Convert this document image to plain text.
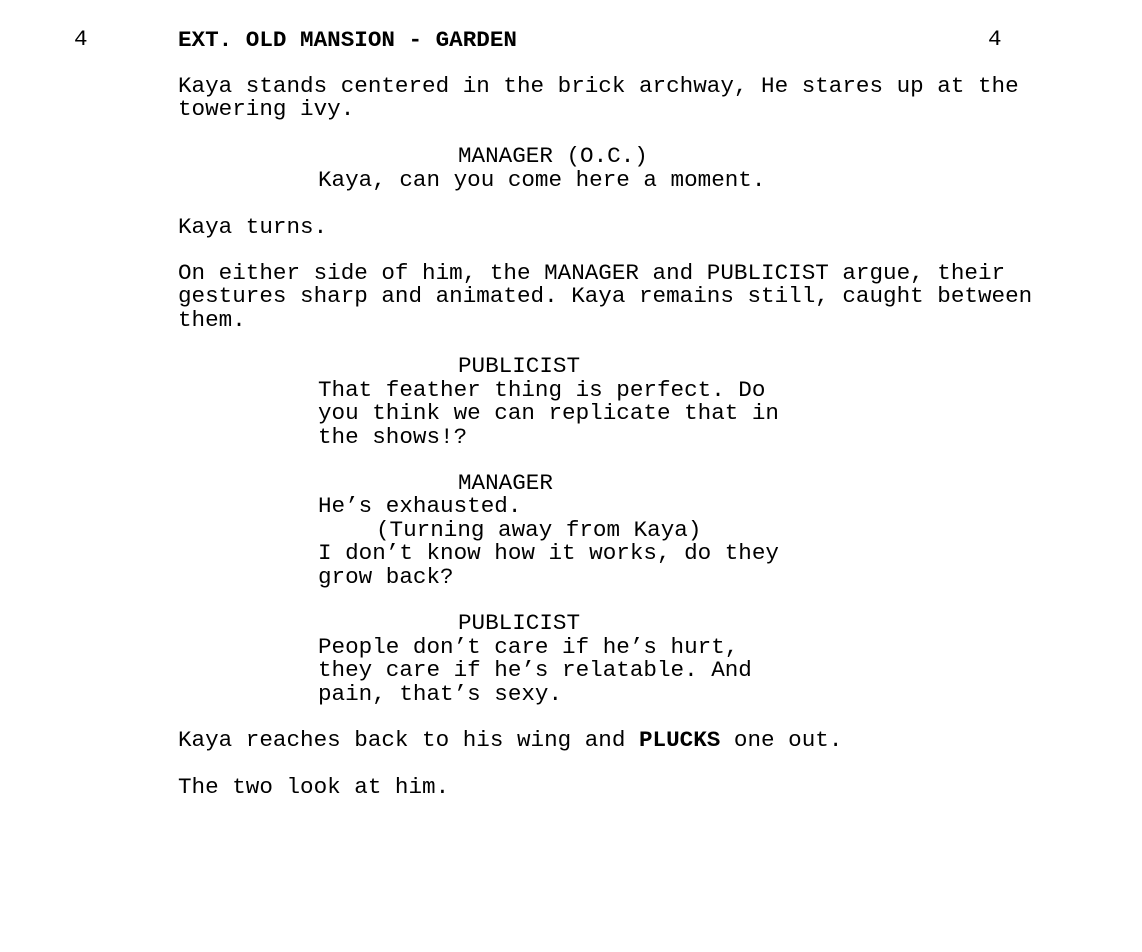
4	EXT. OLD MANSION - GARDEN	4
Kaya stands centered in the brick archway, He stares up at the
towering ivy.
MANAGER (O.C.)
Kaya, can you come here a moment.
Kaya turns.
On either side of him, the MANAGER and PUBLICIST argue, their
gestures sharp and animated. Kaya remains still, caught between
them.
PUBLICIST
That feather thing is perfect. Do
you think we can replicate that in
the shows!?
MANAGER
He’s exhausted.
(Turning away from Kaya)
I don’t know how it works, do they
grow back?
PUBLICIST
People don’t care if he’s hurt,
they care if he’s relatable. And
pain, that’s sexy.
Kaya reaches back to his wing and PLUCKS one out.
The two look at him.
